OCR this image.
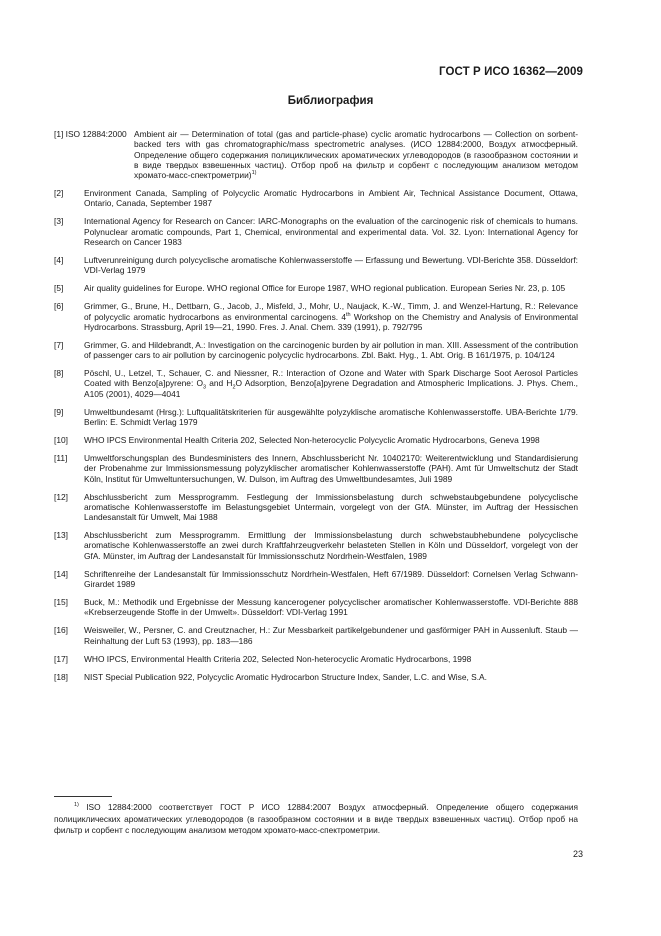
ГОСТ Р ИСО 16362—2009
Библиография
[1] ISO 12884:2000 Ambient air — Determination of total (gas and particle-phase) cyclic aromatic hydrocarbons — Collection on sorbent-backed ters with gas chromatographic/mass spectrometric analyses. (ИСО 12884:2000, Воздух атмосферный. Определение общего содержания полициклических ароматических углеводородов (в газообразном состоянии и в виде твердых взвешенных частиц). Отбор проб на фильтр и сорбент с последующим анализом методом хромато-масс-спектрометрии)$^{1)}$
[2]	Environment Canada, Sampling of Polycyclic Aromatic Hydrocarbons in Ambient Air, Technical Assistance Document, Ottawa, Ontario, Canada, September 1987
[3]	International Agency for Research on Cancer: IARC-Monographs on the evaluation of the carcinogenic risk of chemicals to humans. Polynuclear aromatic compounds, Part 1, Chemical, environmental and experimental data. Vol. 32. Lyon: International Agency for Research on Cancer 1983
[4]	Luftverunreinigung durch polycyclische aromatische Kohlenwasserstoffe — Erfassung und Bewertung. VDI-Berichte 358. Düsseldorf: VDI-Verlag 1979
[5]	Air quality guidelines for Europe. WHO regional Office for Europe 1987, WHO regional publication. European Series Nr. 23, p. 105
[6]	Grimmer, G., Brune, H., Dettbarn, G., Jacob, J., Misfeld, J., Mohr, U., Naujack, K.-W., Timm, J. and Wenzel-Hartung, R.: Relevance of polycyclic aromatic hydrocarbons as environmental carcinogens. 4th Workshop on the Chemistry and Analysis of Environmental Hydrocarbons. Strassburg, April 19—21, 1990. Fres. J. Anal. Chem. 339 (1991), p. 792/795
[7]	Grimmer, G. and Hildebrandt, A.: Investigation on the carcinogenic burden by air pollution in man. XIII. Assessment of the contribution of passenger cars to air pollution by carcinogenic polycyclic hydrocarbons. Zbl. Bakt. Hyg., 1. Abt. Orig. B 161/1975, p. 104/124
[8]	Pöschl, U., Letzel, T., Schauer, C. and Niessner, R.: Interaction of Ozone and Water with Spark Discharge Soot Aerosol Particles Coated with Benzo[a]pyrene: $O_3$ and $H_2O$ Adsorption, Benzo[a]pyrene Degradation and Atmospheric Implications. J. Phys. Chem., A105 (2001), 4029—4041
[9]	Umweltbundesamt (Hrsg.): Luftqualitätskriterien für ausgewählte polyzyklische aromatische Kohlenwasserstoffe. UBA-Berichte 1/79. Berlin: E. Schmidt Verlag 1979
[10]	WHO IPCS Environmental Health Criteria 202, Selected Non-heterocyclic Polycyclic Aromatic Hydrocarbons, Geneva 1998
[11]	Umweltforschungsplan des Bundesministers des Innern, Abschlussbericht Nr. 10402170: Weiterentwicklung und Standardisierung der Probenahme zur Immissionsmessung polyzyklischer aromatischer Kohlenwasserstoffe (PAH). Amt für Umweltschutz der Stadt Köln, Institut für Umweltuntersuchungen, W. Dulson, im Auftrag des Umweltbundesamtes, Juli 1989
[12]	Abschlussbericht zum Messprogramm. Festlegung der Immissionsbelastung durch schwebstaubgebundene polycyclische aromatische Kohlenwasserstoffe im Belastungsgebiet Untermain, vorgelegt von der GfA. Münster, im Auftrag der Hessischen Landesanstalt für Umwelt, Mai 1988
[13]	Abschlussbericht zum Messprogramm. Ermittlung der Immissionsbelastung durch schwebstaubhebundene polycyclische aromatische Kohlenwasserstoffe an zwei durch Kraftfahrzeugverkehr belasteten Stellen in Köln und Düsseldorf, vorgelegt von der GfA. Münster, im Auftrag der Landesanstalt für Immissionsschutz Nordrhein-Westfalen, 1989
[14]	Schriftenreihe der Landesanstalt für Immissionsschutz Nordrhein-Westfalen, Heft 67/1989. Düsseldorf: Cornelsen Verlag Schwann-Girardet 1989
[15]	Buck, M.: Methodik und Ergebnisse der Messung kancerogener polycyclischer aromatischer Kohlenwasserstoffe. VDI-Berichte 888 «Krebserzeugende Stoffe in der Umwelt». Düsseldorf: VDI-Verlag 1991
[16]	Weisweiler, W., Persner, C. and Creutznacher, H.: Zur Messbarkeit partikelgebundener und gasförmiger PAH in Aussenluft. Staub — Reinhaltung der Luft 53 (1993), pp. 183—186
[17]	WHO IPCS, Environmental Health Criteria 202, Selected Non-heterocyclic Aromatic Hydrocarbons, 1998
[18]	NIST Special Publication 922, Polycyclic Aromatic Hydrocarbon Structure Index, Sander, L.C. and Wise, S.A.
$^{1)}$ ISO 12884:2000 соответствует ГОСТ Р ИСО 12884:2007 Воздух атмосферный. Определение общего содержания полициклических ароматических углеводородов (в газообразном состоянии и в виде твердых взвешенных частиц). Отбор проб на фильтр и сорбент с последующим анализом методом хромато-масс-спектрометрии.
23
